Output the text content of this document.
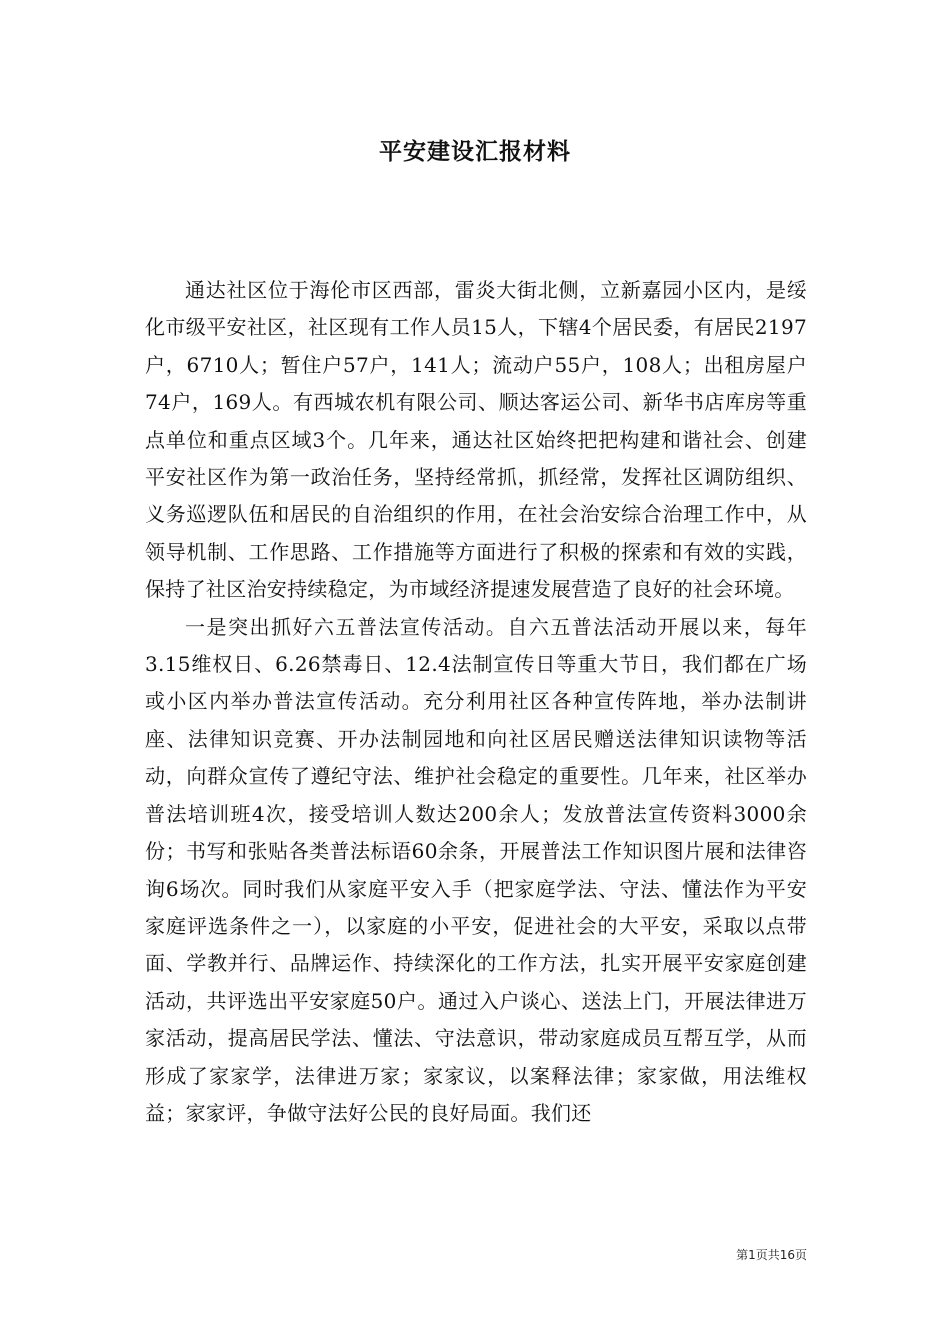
平安建设汇报材料

通达社区位于海伦市区西部，雷炎大街北侧，立新嘉园小区内，是绥化市级平安社区，社区现有工作人员15人，下辖4个居民委，有居民2197户，6710人；暂住户57户，141人；流动户55户，108人；出租房屋户74户，169人。有西城农机有限公司、顺达客运公司、新华书店库房等重点单位和重点区域3个。几年来，通达社区始终把把构建和谐社会、创建平安社区作为第一政治任务，坚持经常抓，抓经常，发挥社区调防组织、义务巡逻队伍和居民的自治组织的作用，在社会治安综合治理工作中，从领导机制、工作思路、工作措施等方面进行了积极的探索和有效的实践，保持了社区治安持续稳定，为市域经济提速发展营造了良好的社会环境。

一是突出抓好六五普法宣传活动。自六五普法活动开展以来，每年3.15维权日、6.26禁毒日、12.4法制宣传日等重大节日，我们都在广场或小区内举办普法宣传活动。充分利用社区各种宣传阵地，举办法制讲座、法律知识竞赛、开办法制园地和向社区居民赠送法律知识读物等活动，向群众宣传了遵纪守法、维护社会稳定的重要性。几年来，社区举办普法培训班4次，接受培训人数达200余人；发放普法宣传资料3000余份；书写和张贴各类普法标语60余条，开展普法工作知识图片展和法律咨询6场次。同时我们从家庭平安入手（把家庭学法、守法、懂法作为平安家庭评选条件之一），以家庭的小平安，促进社会的大平安，采取以点带面、学教并行、品牌运作、持续深化的工作方法，扎实开展平安家庭创建活动，共评选出平安家庭50户。通过入户谈心、送法上门，开展法律进万家活动，提高居民学法、懂法、守法意识，带动家庭成员互帮互学，从而形成了家家学，法律进万家；家家议，以案释法律；家家做，用法维权益；家家评，争做守法好公民的良好局面。我们还

第1页共16页
